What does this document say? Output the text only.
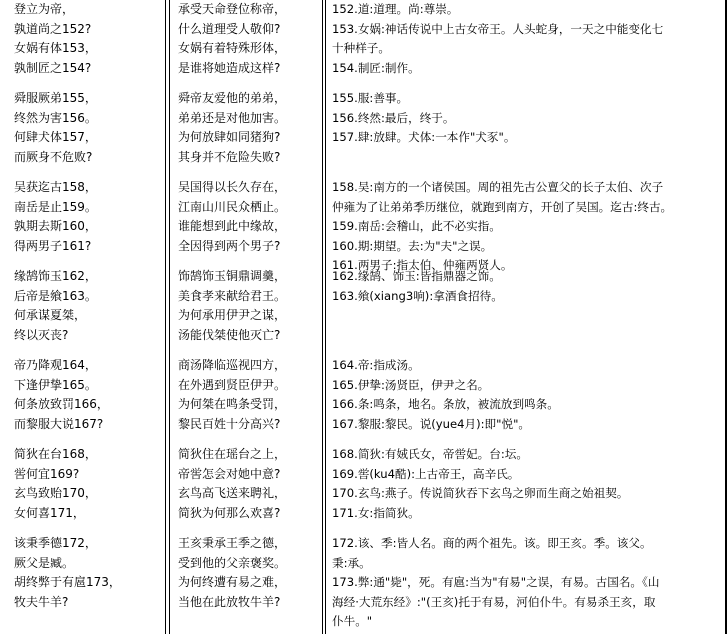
登立为帝，
孰道尚之152?
女娲有体153，
孰制匠之154?
舜服厥弟155，
终然为害156。
何肆犬体157，
而厥身不危败?
吴获迄古158，
南岳是止159。
孰期去斯160，
得两男子161?
缘鹄饰玉162，
后帝是飨163。
何承谋夏桀，
终以灭丧?
帝乃降观164，
下逢伊挚165。
何条放致罚166，
而黎服大说167?
简狄在台168，
喾何宜169?
玄鸟致贻170，
女何喜171，
该秉季德172，
厥父是臧。
胡终弊于有扈173，
牧夫牛羊?
承受天命登位称帝，
什么道理受人敬仰?
女娲有着特殊形体，
是谁将她造成这样?
舜帝友爱他的弟弟，
弟弟还是对他加害。
为何放肆如同猪狗?
其身并不危险失败?
吴国得以长久存在，
江南山川民众栖止。
谁能想到此中缘故，
全因得到两个男子?
饰鹄饰玉铜鼎调羹，
美食孝来献给君王。
为何承用伊尹之谋，
汤能伐桀使他灭亡?
商汤降临巡视四方，
在外遇到贤臣伊尹。
为何桀在鸣条受罚，
黎民百姓十分高兴?
简狄住在瑶台之上，
帝喾怎会对她中意?
玄鸟高飞送来聘礼，
简狄为何那么欢喜?
王亥秉承王季之德，
受到他的父亲褒奖。
为何终遭有易之难，
当他在此放牧牛羊?
152.道:道理。尚:尊崇。
153.女娲:神话传说中上古女帝王。人头蛇身，一天之中能变化七
十种样子。
154.制匠:制作。
155.服:善事。
156.终然:最后，终于。
157.肆:放肆。犬体:一本作"犬豕"。
158.吴:南方的一个诸侯国。周的祖先古公亶父的长子太伯、次子
仲雍为了让弟弟季历继位，就跑到南方，开创了吴国。迄古:终古。
159.南岳:会稽山，此不必实指。
160.期:期望。去:为"夫"之误。
161.两男子:指太伯、仲雍两贤人。
162.缘鹄、饰玉:皆指鼎器之饰。
163.飨(xiang3响):拿酒食招待。
164.帝:指成汤。
165.伊挚:汤贤臣，伊尹之名。
166.条:鸣条，地名。条放，被流放到鸣条。
167.黎服:黎民。说(yue4月):即"悦"。
168.简狄:有娀氏女，帝喾妃。台:坛。
169.喾(ku4酷):上古帝王，高辛氏。
170.玄鸟:燕子。传说简狄吞下玄鸟之卵而生商之始祖契。
171.女:指简狄。
172.该、季:皆人名。商的两个祖先。该。即王亥。季。该父。
秉:承。
173.弊:通"毙"，死。有扈:当为"有易"之误，有易。古国名。《山
海经·大荒东经》:"(王亥)托于有易，河伯仆牛。有易杀王亥，取
仆牛。"
